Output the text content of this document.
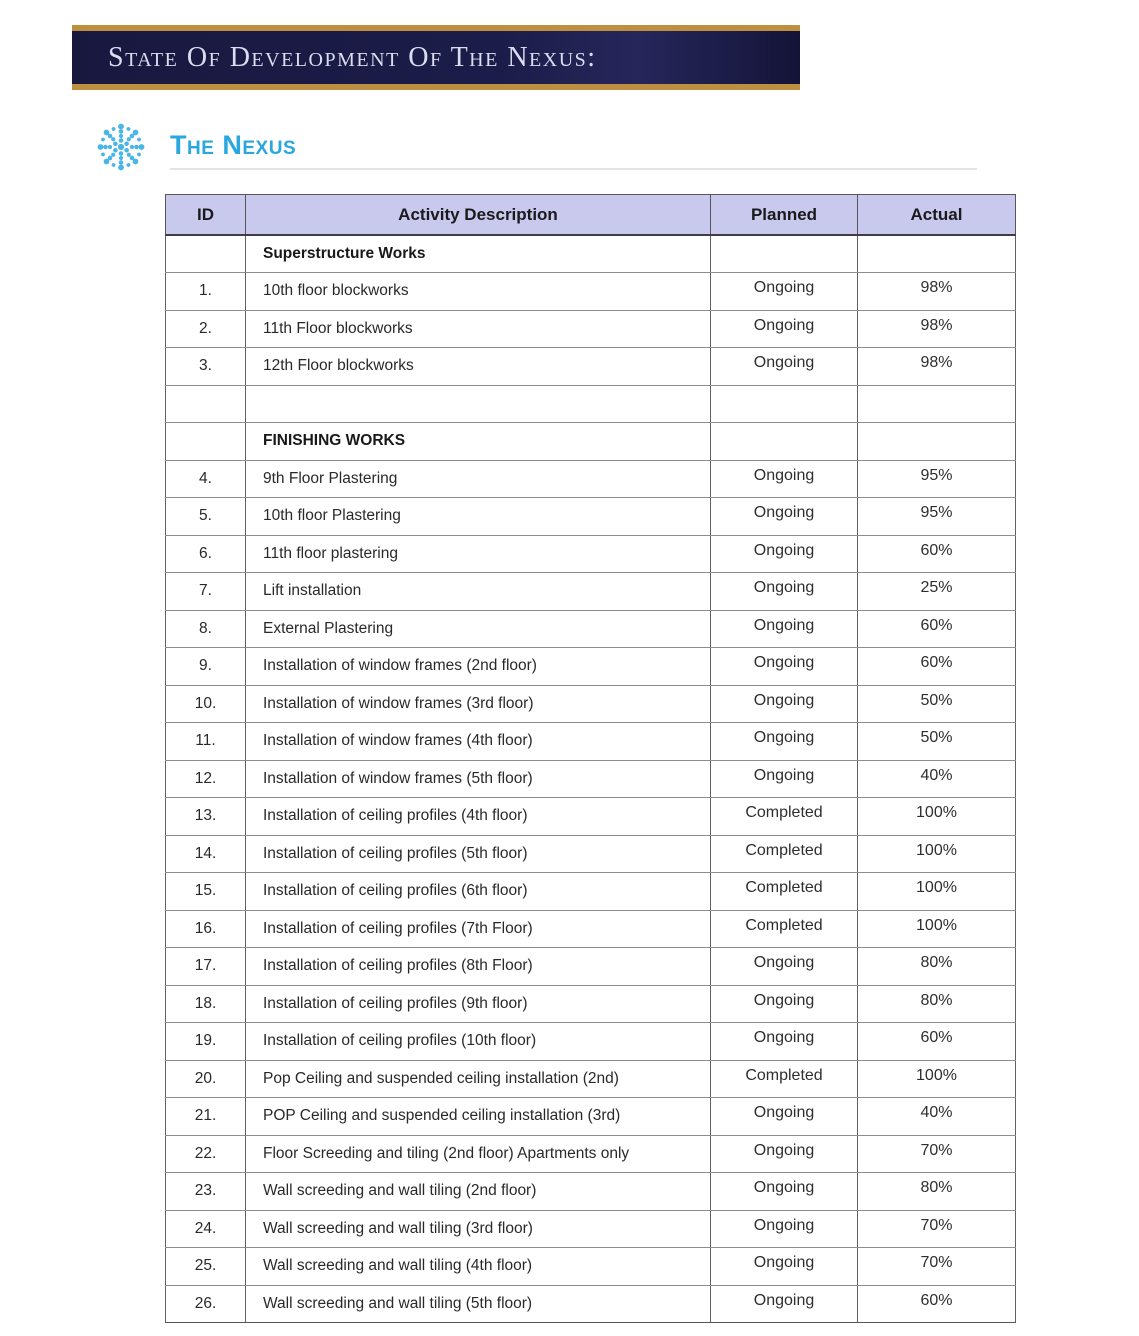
State Of Development Of The Nexus:
The Nexus
ID	Activity Description	Planned	Actual
	Superstructure Works		
1.	10th floor blockworks	Ongoing	98%
2.	11th Floor blockworks	Ongoing	98%
3.	12th Floor blockworks	Ongoing	98%

	FINISHING WORKS		
4.	9th Floor Plastering	Ongoing	95%
5.	10th floor Plastering	Ongoing	95%
6.	11th floor plastering	Ongoing	60%
7.	Lift installation	Ongoing	25%
8.	External Plastering	Ongoing	60%
9.	Installation of window frames (2nd floor)	Ongoing	60%
10.	Installation of window frames (3rd floor)	Ongoing	50%
11.	Installation of window frames (4th floor)	Ongoing	50%
12.	Installation of window frames (5th floor)	Ongoing	40%
13.	Installation of ceiling profiles (4th floor)	Completed	100%
14.	Installation of ceiling profiles (5th floor)	Completed	100%
15.	Installation of ceiling profiles (6th floor)	Completed	100%
16.	Installation of ceiling profiles (7th Floor)	Completed	100%
17.	Installation of ceiling profiles (8th Floor)	Ongoing	80%
18.	Installation of ceiling profiles (9th floor)	Ongoing	80%
19.	Installation of ceiling profiles (10th floor)	Ongoing	60%
20.	Pop Ceiling and suspended ceiling installation (2nd)	Completed	100%
21.	POP Ceiling and suspended ceiling installation (3rd)	Ongoing	40%
22.	Floor Screeding and tiling (2nd floor) Apartments only	Ongoing	70%
23.	Wall screeding and wall tiling (2nd floor)	Ongoing	80%
24.	Wall screeding and wall tiling (3rd floor)	Ongoing	70%
25.	Wall screeding and wall tiling (4th floor)	Ongoing	70%
26.	Wall screeding and wall tiling (5th floor)	Ongoing	60%
